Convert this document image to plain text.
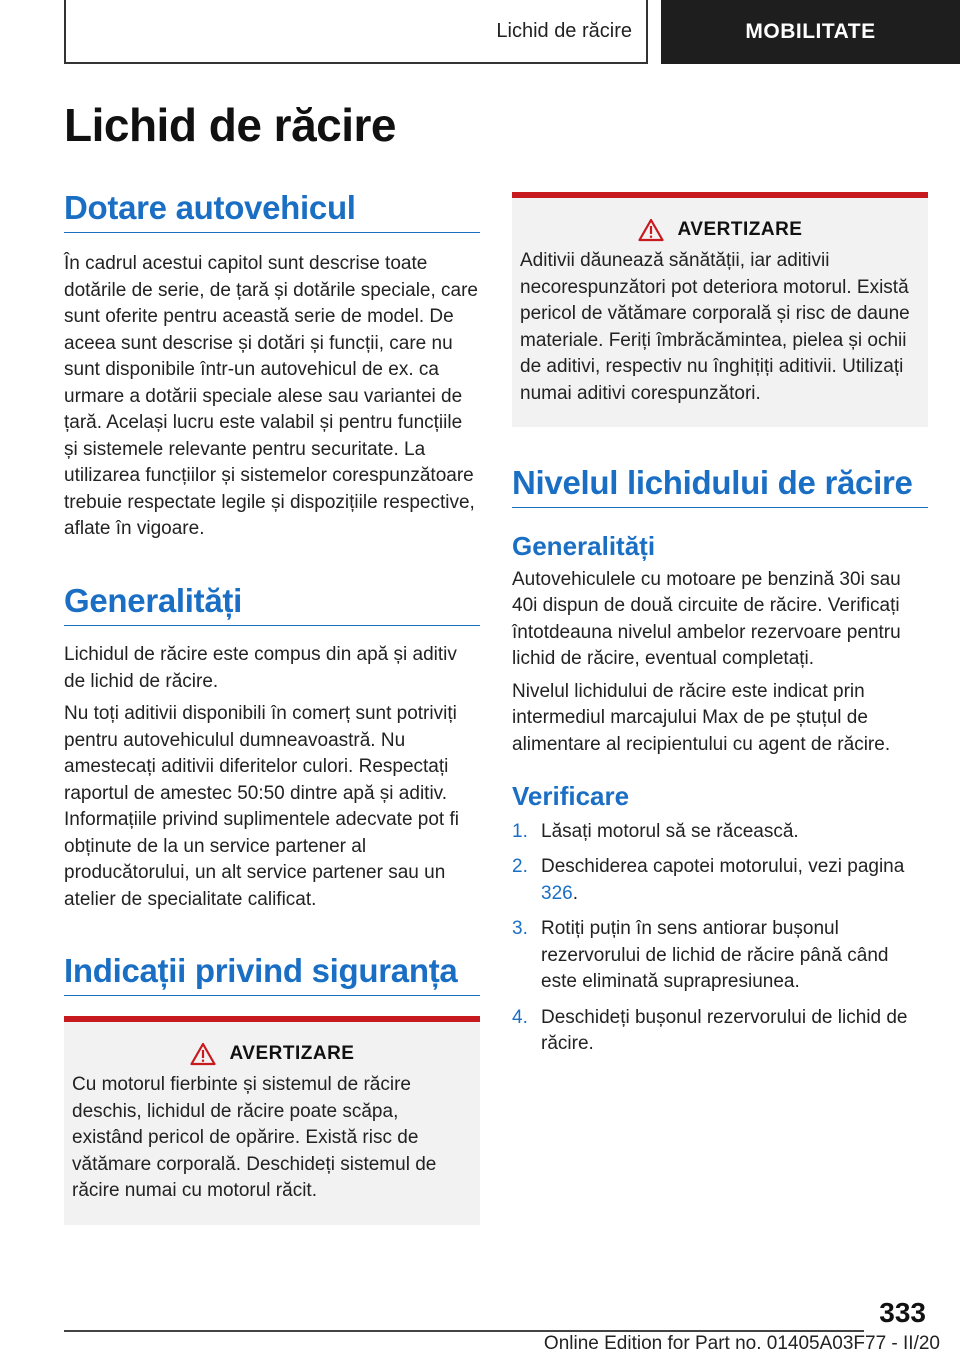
Lichid de răcire	MOBILITATE
Lichid de răcire
Dotare autovehicul

În cadrul acestui capitol sunt descrise toate dotările de serie, de țară și dotările speciale, care sunt oferite pentru această serie de model. De aceea sunt descrise și dotări și funcții, care nu sunt disponibile într-un autovehicul de ex. ca urmare a dotării speciale alese sau variantei de țară. Același lucru este valabil și pentru funcțiile și sistemele relevante pentru securitate. La utilizarea funcțiilor și sistemelor corespunzătoare trebuie respectate legile și dispozițiile respective, aflate în vigoare.

Generalități

Lichidul de răcire este compus din apă și aditiv de lichid de răcire.

Nu toți aditivii disponibili în comerț sunt potriviți pentru autovehiculul dumneavoastră. Nu amestecați aditivii diferitelor culori. Respectați raportul de amestec 50:50 dintre apă și aditiv. Informațiile privind suplimentele adecvate pot fi obținute de la un service partener al producătorului, un alt service partener sau un atelier de specialitate calificat.

Indicații privind siguranța
AVERTIZARE

Cu motorul fierbinte și sistemul de răcire deschis, lichidul de răcire poate scăpa, existând pericol de opărire. Există risc de vătămare corporală. Deschideți sistemul de răcire numai cu motorul răcit.

AVERTIZARE

Aditivii dăunează sănătății, iar aditivii necorespunzători pot deteriora motorul. Există pericol de vătămare corporală și risc de daune materiale. Feriți îmbrăcămintea, pielea și ochii de aditivi, respectiv nu înghițiți aditivii. Utilizați numai aditivi corespunzători.

Nivelul lichidului de răcire
Generalități

Autovehiculele cu motoare pe benzină 30i sau 40i dispun de două circuite de răcire. Verificați întotdeauna nivelul ambelor rezervoare pentru lichid de răcire, eventual completați.

Nivelul lichidului de răcire este indicat prin intermediul marcajului Max de pe ștuțul de alimentare al recipientului cu agent de răcire.

Verificare
1. Lăsați motorul să se răcească.
2. Deschiderea capotei motorului, vezi pagina 326.
3. Rotiți puțin în sens antiorar bușonul rezervorului de lichid de răcire până când este eliminată suprapresiunea.
4. Deschideți bușonul rezervorului de lichid de răcire.
333
Online Edition for Part no. 01405A03F77 - II/20
